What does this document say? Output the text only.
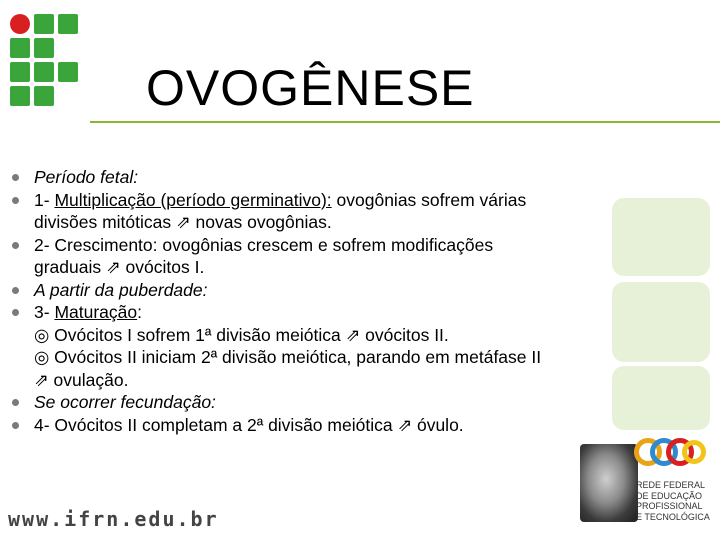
OVOGÊNESE
Período fetal:
1- Multiplicação (período germinativo): ovogônias sofrem várias
divisões mitóticas ⇗ novas ovogônias.
2- Crescimento: ovogônias crescem e sofrem modificações
graduais ⇗ ovócitos I.
A partir da puberdade:
3- Maturação:
◎ Ovócitos I sofrem 1ª divisão meiótica ⇗ ovócitos II.
◎ Ovócitos II iniciam 2ª divisão meiótica, parando em metáfase II
⇗ ovulação.
Se ocorrer fecundação:
4- Ovócitos II completam a 2ª divisão meiótica ⇗ óvulo.
REDE FEDERAL
DE EDUCAÇÃO
PROFISSIONAL
E TECNOLÓGICA
www.ifrn.edu.br
